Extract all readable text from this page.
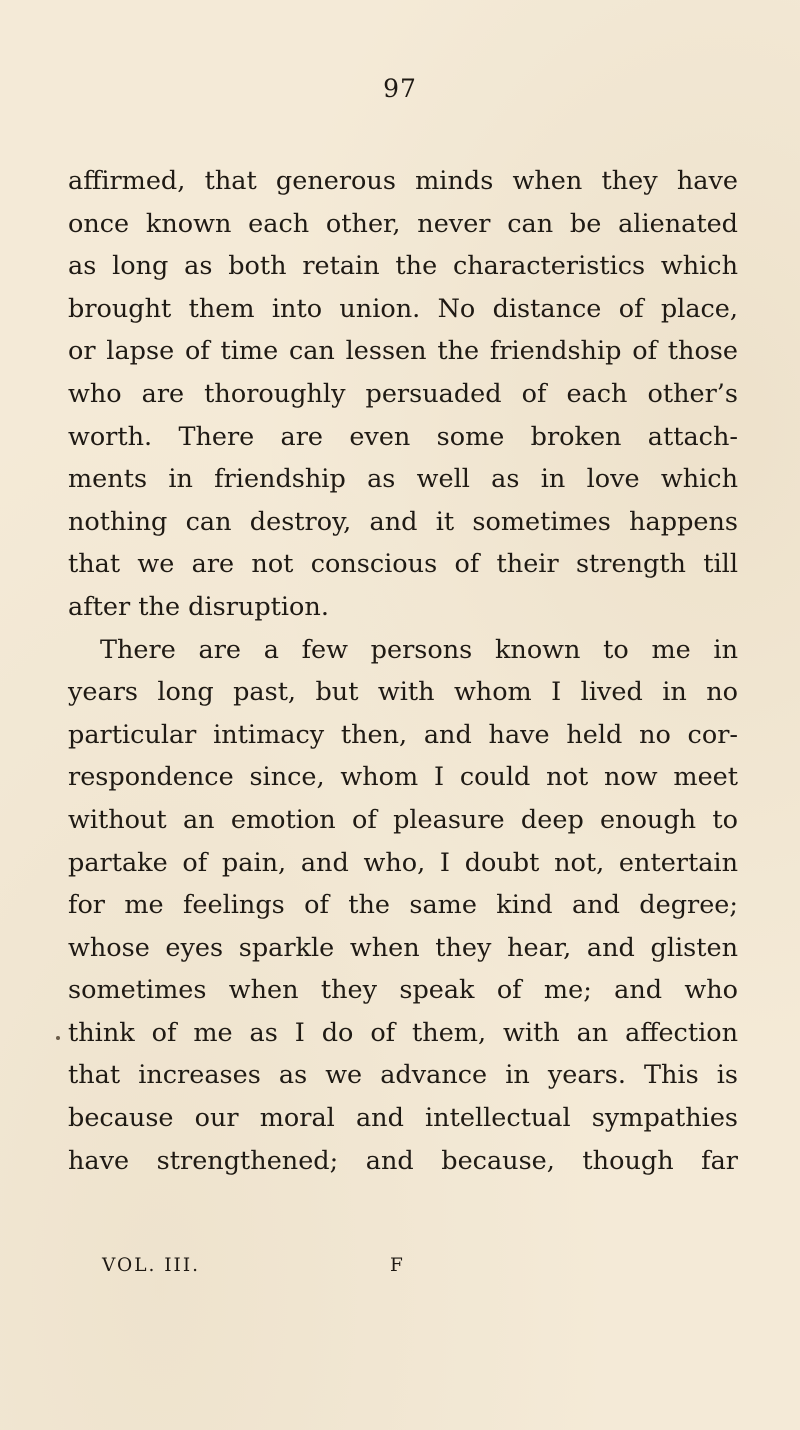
97
affirmed, that generous minds when they have
once known each other, never can be alienated
as long as both retain the characteristics which
brought them into union. No distance of place,
or lapse of time can lessen the friendship of those
who are thoroughly persuaded of each other’s
worth. There are even some broken attach-
ments in friendship as well as in love which
nothing can destroy, and it sometimes happens
that we are not conscious of their strength till
after the disruption.
There are a few persons known to me in
years long past, but with whom I lived in no
particular intimacy then, and have held no cor-
respondence since, whom I could not now meet
without an emotion of pleasure deep enough to
partake of pain, and who, I doubt not, entertain
for me feelings of the same kind and degree;
whose eyes sparkle when they hear, and glisten
sometimes when they speak of me; and who
think of me as I do of them, with an affection
that increases as we advance in years. This is
because our moral and intellectual sympathies
have strengthened; and because, though far
VOL. III.	F
